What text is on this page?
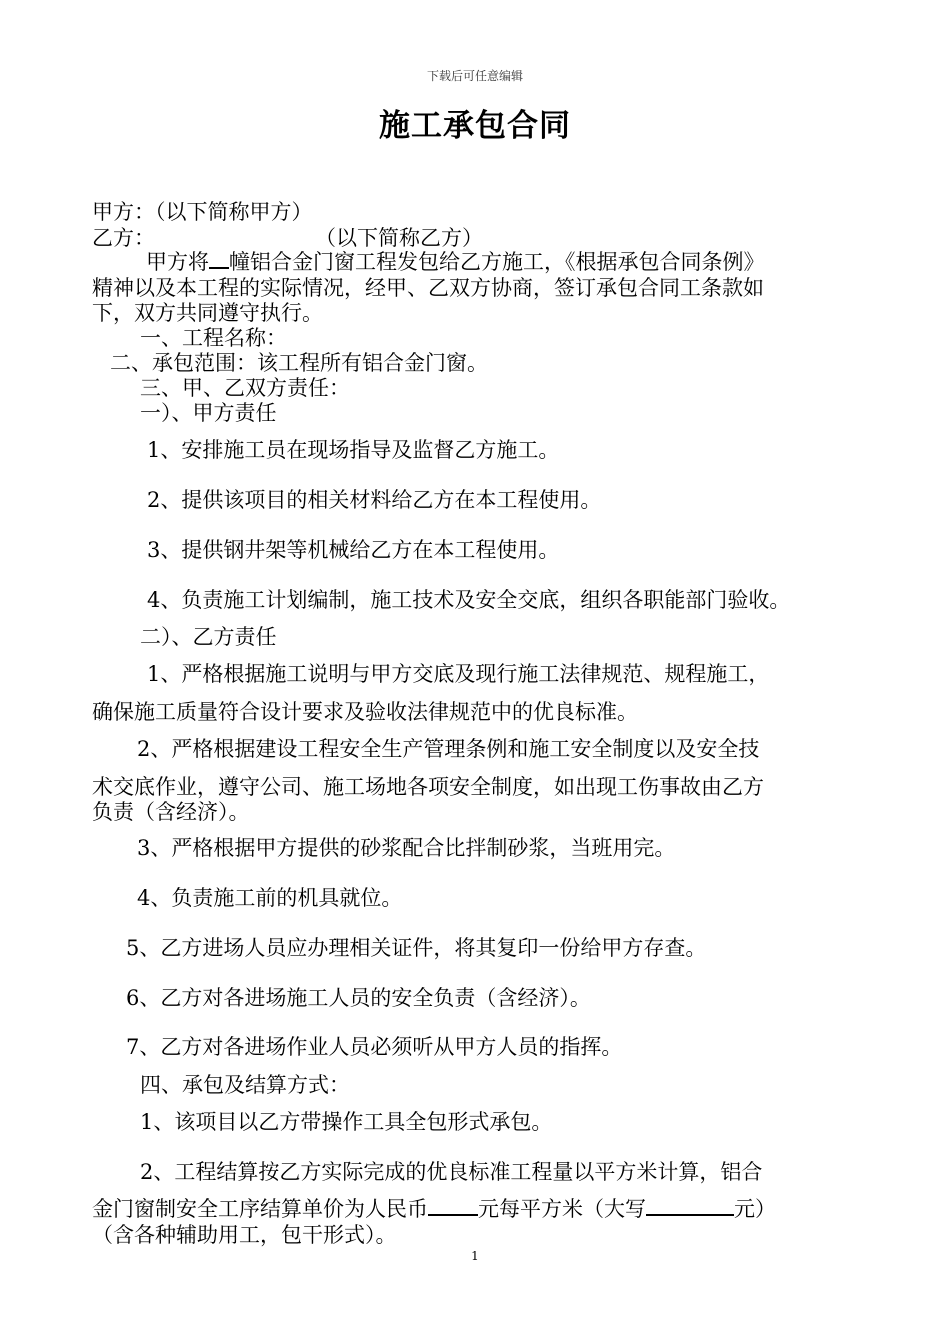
下载后可任意编辑
施工承包合同
甲方：（以下简称甲方）
乙方：	（以下简称乙方）
甲方将 幢铝合金门窗工程发包给乙方施工，《根据承包合同条例》
精神以及本工程的实际情况，经甲、乙双方协商，签订承包合同工条款如
下，双方共同遵守执行。
一、工程名称：
二、承包范围：该工程所有铝合金门窗。
三、甲、乙双方责任：
一）、甲方责任
1、安排施工员在现场指导及监督乙方施工。
2、提供该项目的相关材料给乙方在本工程使用。
3、提供钢井架等机械给乙方在本工程使用。
4、负责施工计划编制，施工技术及安全交底，组织各职能部门验收。
二）、乙方责任
1、严格根据施工说明与甲方交底及现行施工法律规范、规程施工，
确保施工质量符合设计要求及验收法律规范中的优良标准。
2、严格根据建设工程安全生产管理条例和施工安全制度以及安全技
术交底作业，遵守公司、施工场地各项安全制度，如出现工伤事故由乙方
负责（含经济）。
3、严格根据甲方提供的砂浆配合比拌制砂浆，当班用完。
4、负责施工前的机具就位。
5、乙方进场人员应办理相关证件，将其复印一份给甲方存查。
6、乙方对各进场施工人员的安全负责（含经济）。
7、乙方对各进场作业人员必须听从甲方人员的指挥。
四、承包及结算方式：
1、该项目以乙方带操作工具全包形式承包。
2、工程结算按乙方实际完成的优良标准工程量以平方米计算，铝合
金门窗制安全工序结算单价为人民币 元每平方米（大写	元）
（含各种辅助用工，包干形式）。
1
